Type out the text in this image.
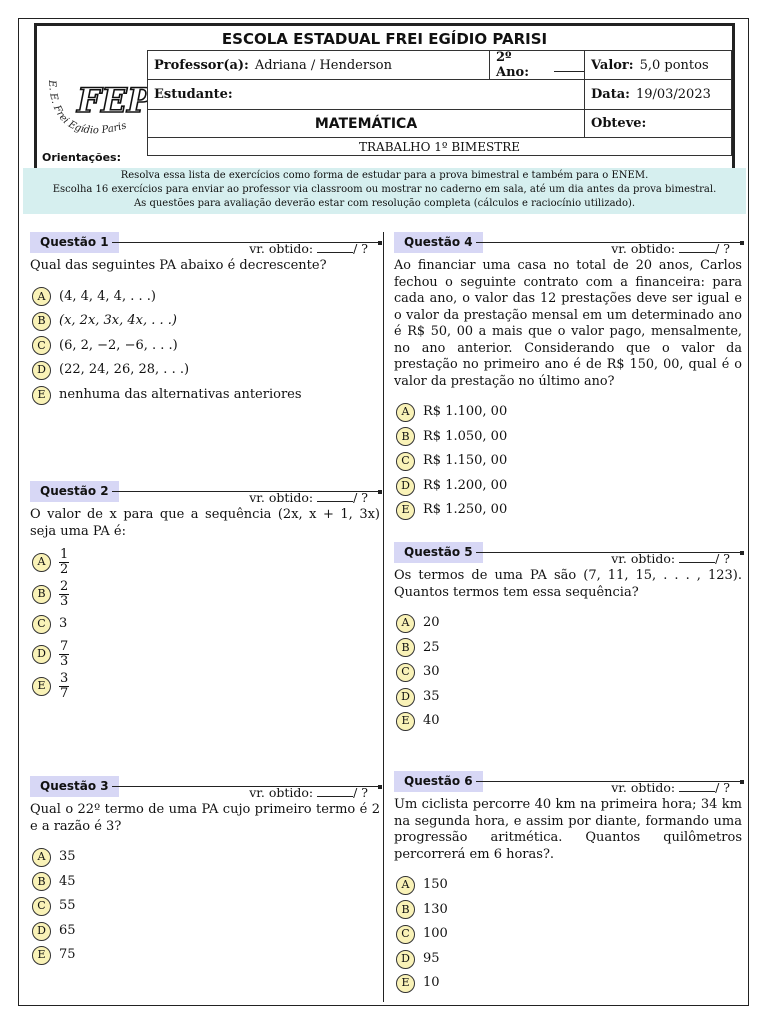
ESCOLA ESTADUAL FREI EGÍDIO PARISI
FEP
E. E. Frei Egídio Paris
Professor(a): Adriana / Henderson	2º Ano:	Valor: 5,0 pontos
Estudante:	Data: 19/03/2023
MATEMÁTICA	Obteve:
TRABALHO 1º BIMESTRE
Orientações:
Resolva essa lista de exercícios como forma de estudar para a prova bimestral e também para o ENEM.
Escolha 16 exercícios para enviar ao professor via classroom ou mostrar no caderno em sala, até um dia antes da prova bimestral.
As questões para avaliação deverão estar com resolução completa (cálculos e raciocínio utilizado).
Questão 1	vr. obtido:	/ ?
Qual das seguintes PA abaixo é decrescente?
A	(4, 4, 4, 4, . . .)
B	(x, 2x, 3x, 4x, . . .)
C	(6, 2, −2, −6, . . .)
D	(22, 24, 26, 28, . . .)
E	nenhuma das alternativas anteriores
Questão 2	vr. obtido:	/ ?
O valor de x para que a sequência (2x, x + 1, 3x) seja uma PA é:
A	$\frac{1}{2}$
B	$\frac{2}{3}$
C	3
D	$\frac{7}{3}$
E	$\frac{3}{7}$
Questão 3	vr. obtido:	/ ?
Qual o 22º termo de uma PA cujo primeiro termo é 2 e a razão é 3?
A	35
B	45
C	55
D	65
E	75
Questão 4	vr. obtido:	/ ?
Ao financiar uma casa no total de 20 anos, Carlos fechou o seguinte contrato com a financeira: para cada ano, o valor das 12 prestações deve ser igual e o valor da prestação mensal em um determinado ano é R$ 50, 00 a mais que o valor pago, mensalmente, no ano anterior. Considerando que o valor da prestação no primeiro ano é de R$ 150, 00, qual é o valor da prestação no último ano?
A	R$ 1.100, 00
B	R$ 1.050, 00
C	R$ 1.150, 00
D	R$ 1.200, 00
E	R$ 1.250, 00
Questão 5	vr. obtido:	/ ?
Os termos de uma PA são (7, 11, 15, . . . , 123). Quantos termos tem essa sequência?
A	20
B	25
C	30
D	35
E	40
Questão 6	vr. obtido:	/ ?
Um ciclista percorre 40 km na primeira hora; 34 km na segunda hora, e assim por diante, formando uma progressão aritmética. Quantos quilômetros percorrerá em 6 horas?.
A	150
B	130
C	100
D	95
E	10
